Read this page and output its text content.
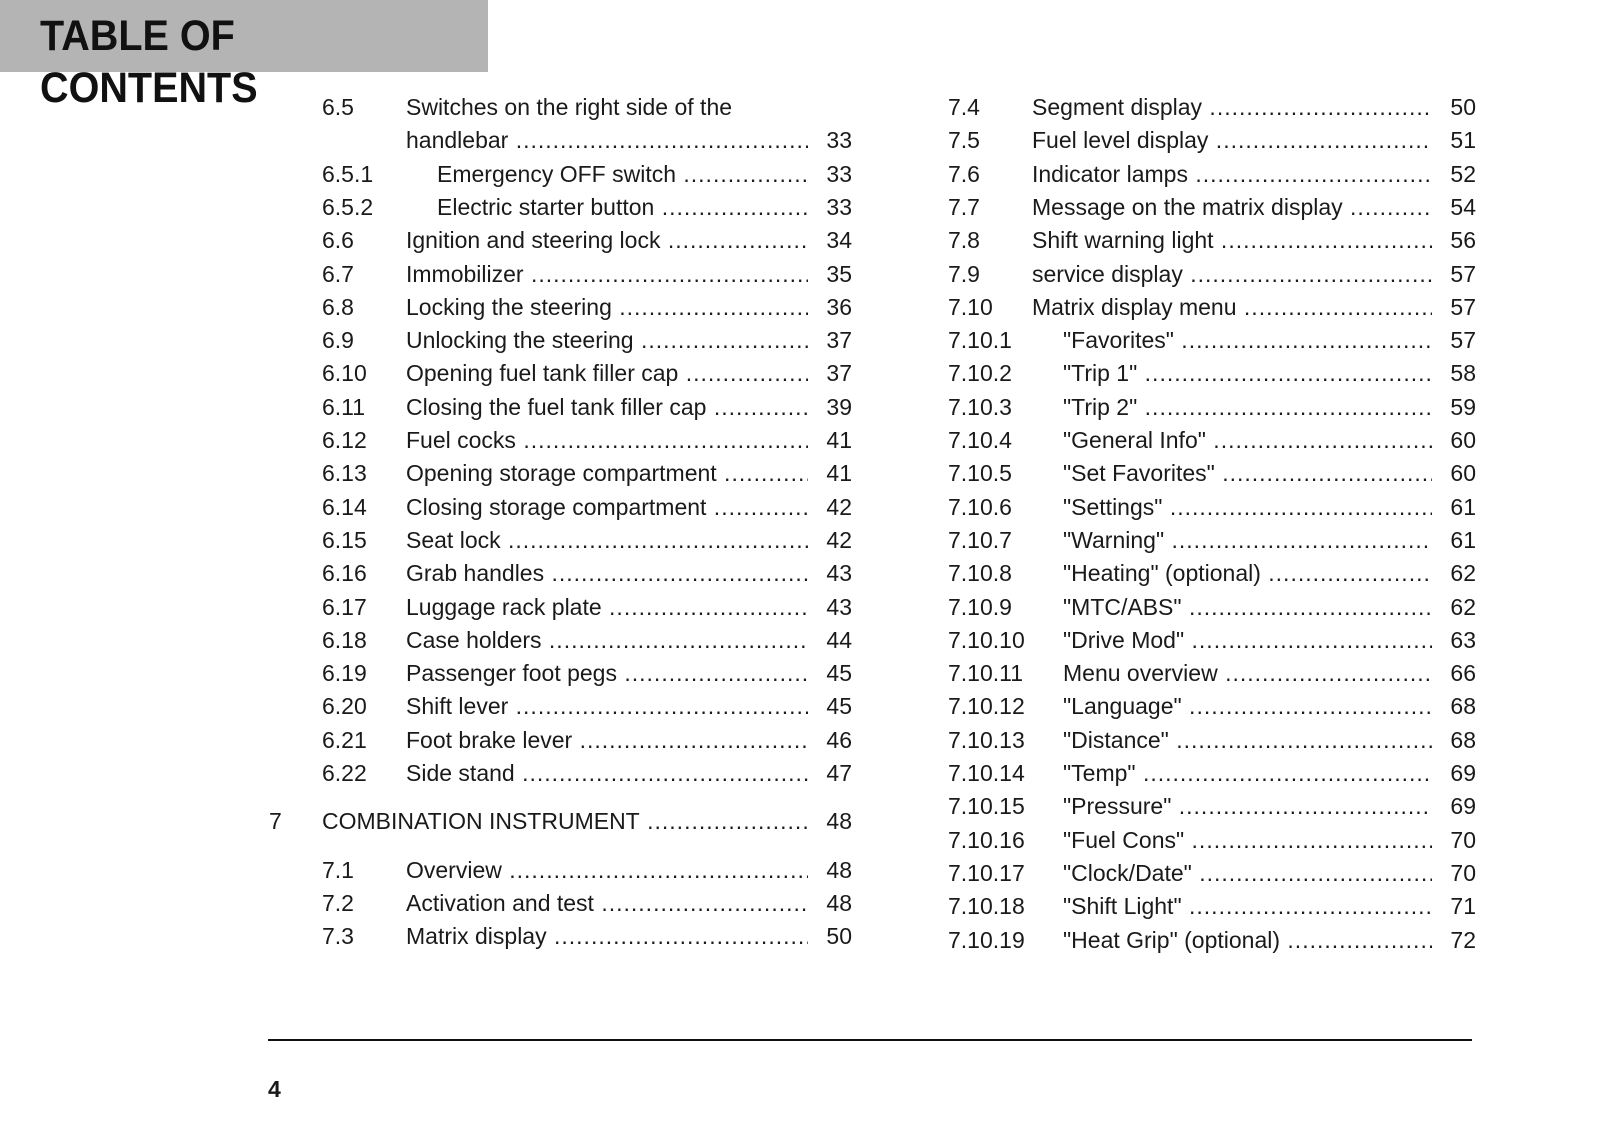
TABLE OF CONTENTS	6.5 Switches on the right side of the
handlebar .....	33
6.5.1	Emergency OFF switch .....	33
6.5.2	Electric starter button .....	33
6.6 Ignition and steering lock .....	34
6.7 Immobilizer .....	35
6.8 Locking the steering .....	36
6.9 Unlocking the steering .....	37
6.10 Opening fuel tank filler cap .....	37
6.11 Closing the fuel tank filler cap .....	39
6.12 Fuel cocks .....	41
6.13 Opening storage compartment .....	41
6.14 Closing storage compartment .....	42
6.15 Seat lock .....	42
6.16 Grab handles .....	43
6.17 Luggage rack plate .....	43
6.18 Case holders .....	44
6.19 Passenger foot pegs .....	45
6.20 Shift lever .....	45
6.21 Foot brake lever .....	46
6.22 Side stand .....	47
7 COMBINATION INSTRUMENT .....	48
7.1 Overview .....	48
7.2 Activation and test .....	48
7.3 Matrix display .....	50
7.4 Segment display .....	50
7.5 Fuel level display .....	51
7.6 Indicator lamps .....	52
7.7 Message on the matrix display .....	54
7.8 Shift warning light .....	56
7.9 service display .....	57
7.10 Matrix display menu .....	57
7.10.1 "Favorites" .....	57
7.10.2 "Trip 1" .....	58
7.10.3 "Trip 2" .....	59
7.10.4 "General Info" .....	60
7.10.5 "Set Favorites" .....	60
7.10.6 "Settings" .....	61
7.10.7 "Warning" .....	61
7.10.8 "Heating" (optional) .....	62
7.10.9 "MTC/ABS" .....	62
7.10.10 "Drive Mod" .....	63
7.10.11 Menu overview .....	66
7.10.12 "Language" .....	68
7.10.13 "Distance" .....	68
7.10.14 "Temp" .....	69
7.10.15 "Pressure" .....	69
7.10.16 "Fuel Cons" .....	70
7.10.17 "Clock/Date" .....	70
7.10.18 "Shift Light" .....	71
7.10.19 "Heat Grip" (optional) .....	72
4
